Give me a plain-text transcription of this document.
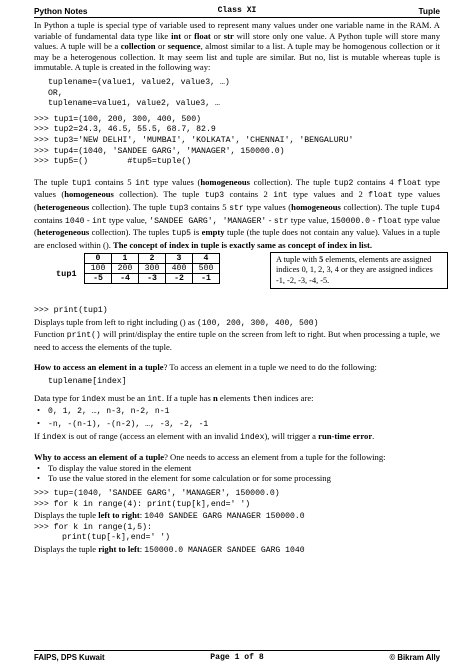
Python Notes	Class XI	Tuple

In Python a tuple is special type of variable used to represent many values under one variable name in the RAM. A variable of fundamental data type like int or float or str will store only one value. A Python tuple will store many values. A tuple will be a collection or sequence, almost similar to a list. A tuple may be homogenous collection or it may be a heterogenous collection. It may seem list and tuple are similar. But no, list is mutable whereas tuple is immutable. A tuple is created in the following way:

tuplename=(value1, value2, value3, …)
OR,
tuplename=value1, value2, value3, …
>>> tup1=(100, 200, 300, 400, 500)
>>> tup2=24.3, 46.5, 55.5, 68.7, 82.9
>>> tup3='NEW DELHI', 'MUMBAI', 'KOLKATA', 'CHENNAI', 'BENGALURU'
>>> tup4=(1040, 'SANDEE GARG', 'MANAGER', 150000.0)
>>> tup5=()        #tup5=tuple()

The tuple tup1 contains 5 int type values (homogeneous collection). The tuple tup2 contains 4 float type values (homogeneous collection). The tuple tup3 contains 2 int type values and 2 float type values (heterogeneous collection). The tuple tup3 contains 5 str type values (homogeneous collection). The tuple tup4 contains 1040 - int type value, 'SANDEE GARG', 'MANAGER' - str type value, 150000.0 - float type value (heterogeneous collection). The tuples tup5 is empty tuple (the tuple does not contain any value). Values in a tuple are enclosed within (). The concept of index in tuple is exactly same as concept of index in list.

tup1
0	1	2	3	4
100	200	300	400	500
-5	-4	-3	-2	-1
A tuple with 5 elements, elements are assigned indices 0, 1, 2, 3, 4 or they are assigned indices -1, -2, -3, -4, -5.
>>> print(tup1)

Displays tuple from left to right including () as (100, 200, 300, 400, 500)

Function print() will print/display the entire tuple on the screen from left to right. But when processing a tuple, we need to access the elements of the tuple.

How to access an element in a tuple? To access an element in a tuple we need to do the following:

tuplename[index]

Data type for index must be an int. If a tuple has n elements then indices are:

• 0, 1, 2, …, n-3, n-2, n-1
• -n, -(n-1), -(n-2), …, -3, -2, -1

If index is out of range (access an element with an invalid index), will trigger a run-time error.

Why to access an element of a tuple? One needs to access an element from a tuple for the following:

• To display the value stored in the element
• To use the value stored in the element for some calculation or for some processing
>>> tup=(1040, 'SANDEE GARG', 'MANAGER', 150000.0)
>>> for k in range(4): print(tup[k],end=' ')

Displays the tuple left to right: 1040 SANDEE GARG MANAGER 150000.0

>>> for k in range(1,5):
print(tup[-k],end=' ')

Displays the tuple right to left: 150000.0 MANAGER SANDEE GARG 1040

FAIPS, DPS Kuwait	Page 1 of 8	© Bikram Ally
